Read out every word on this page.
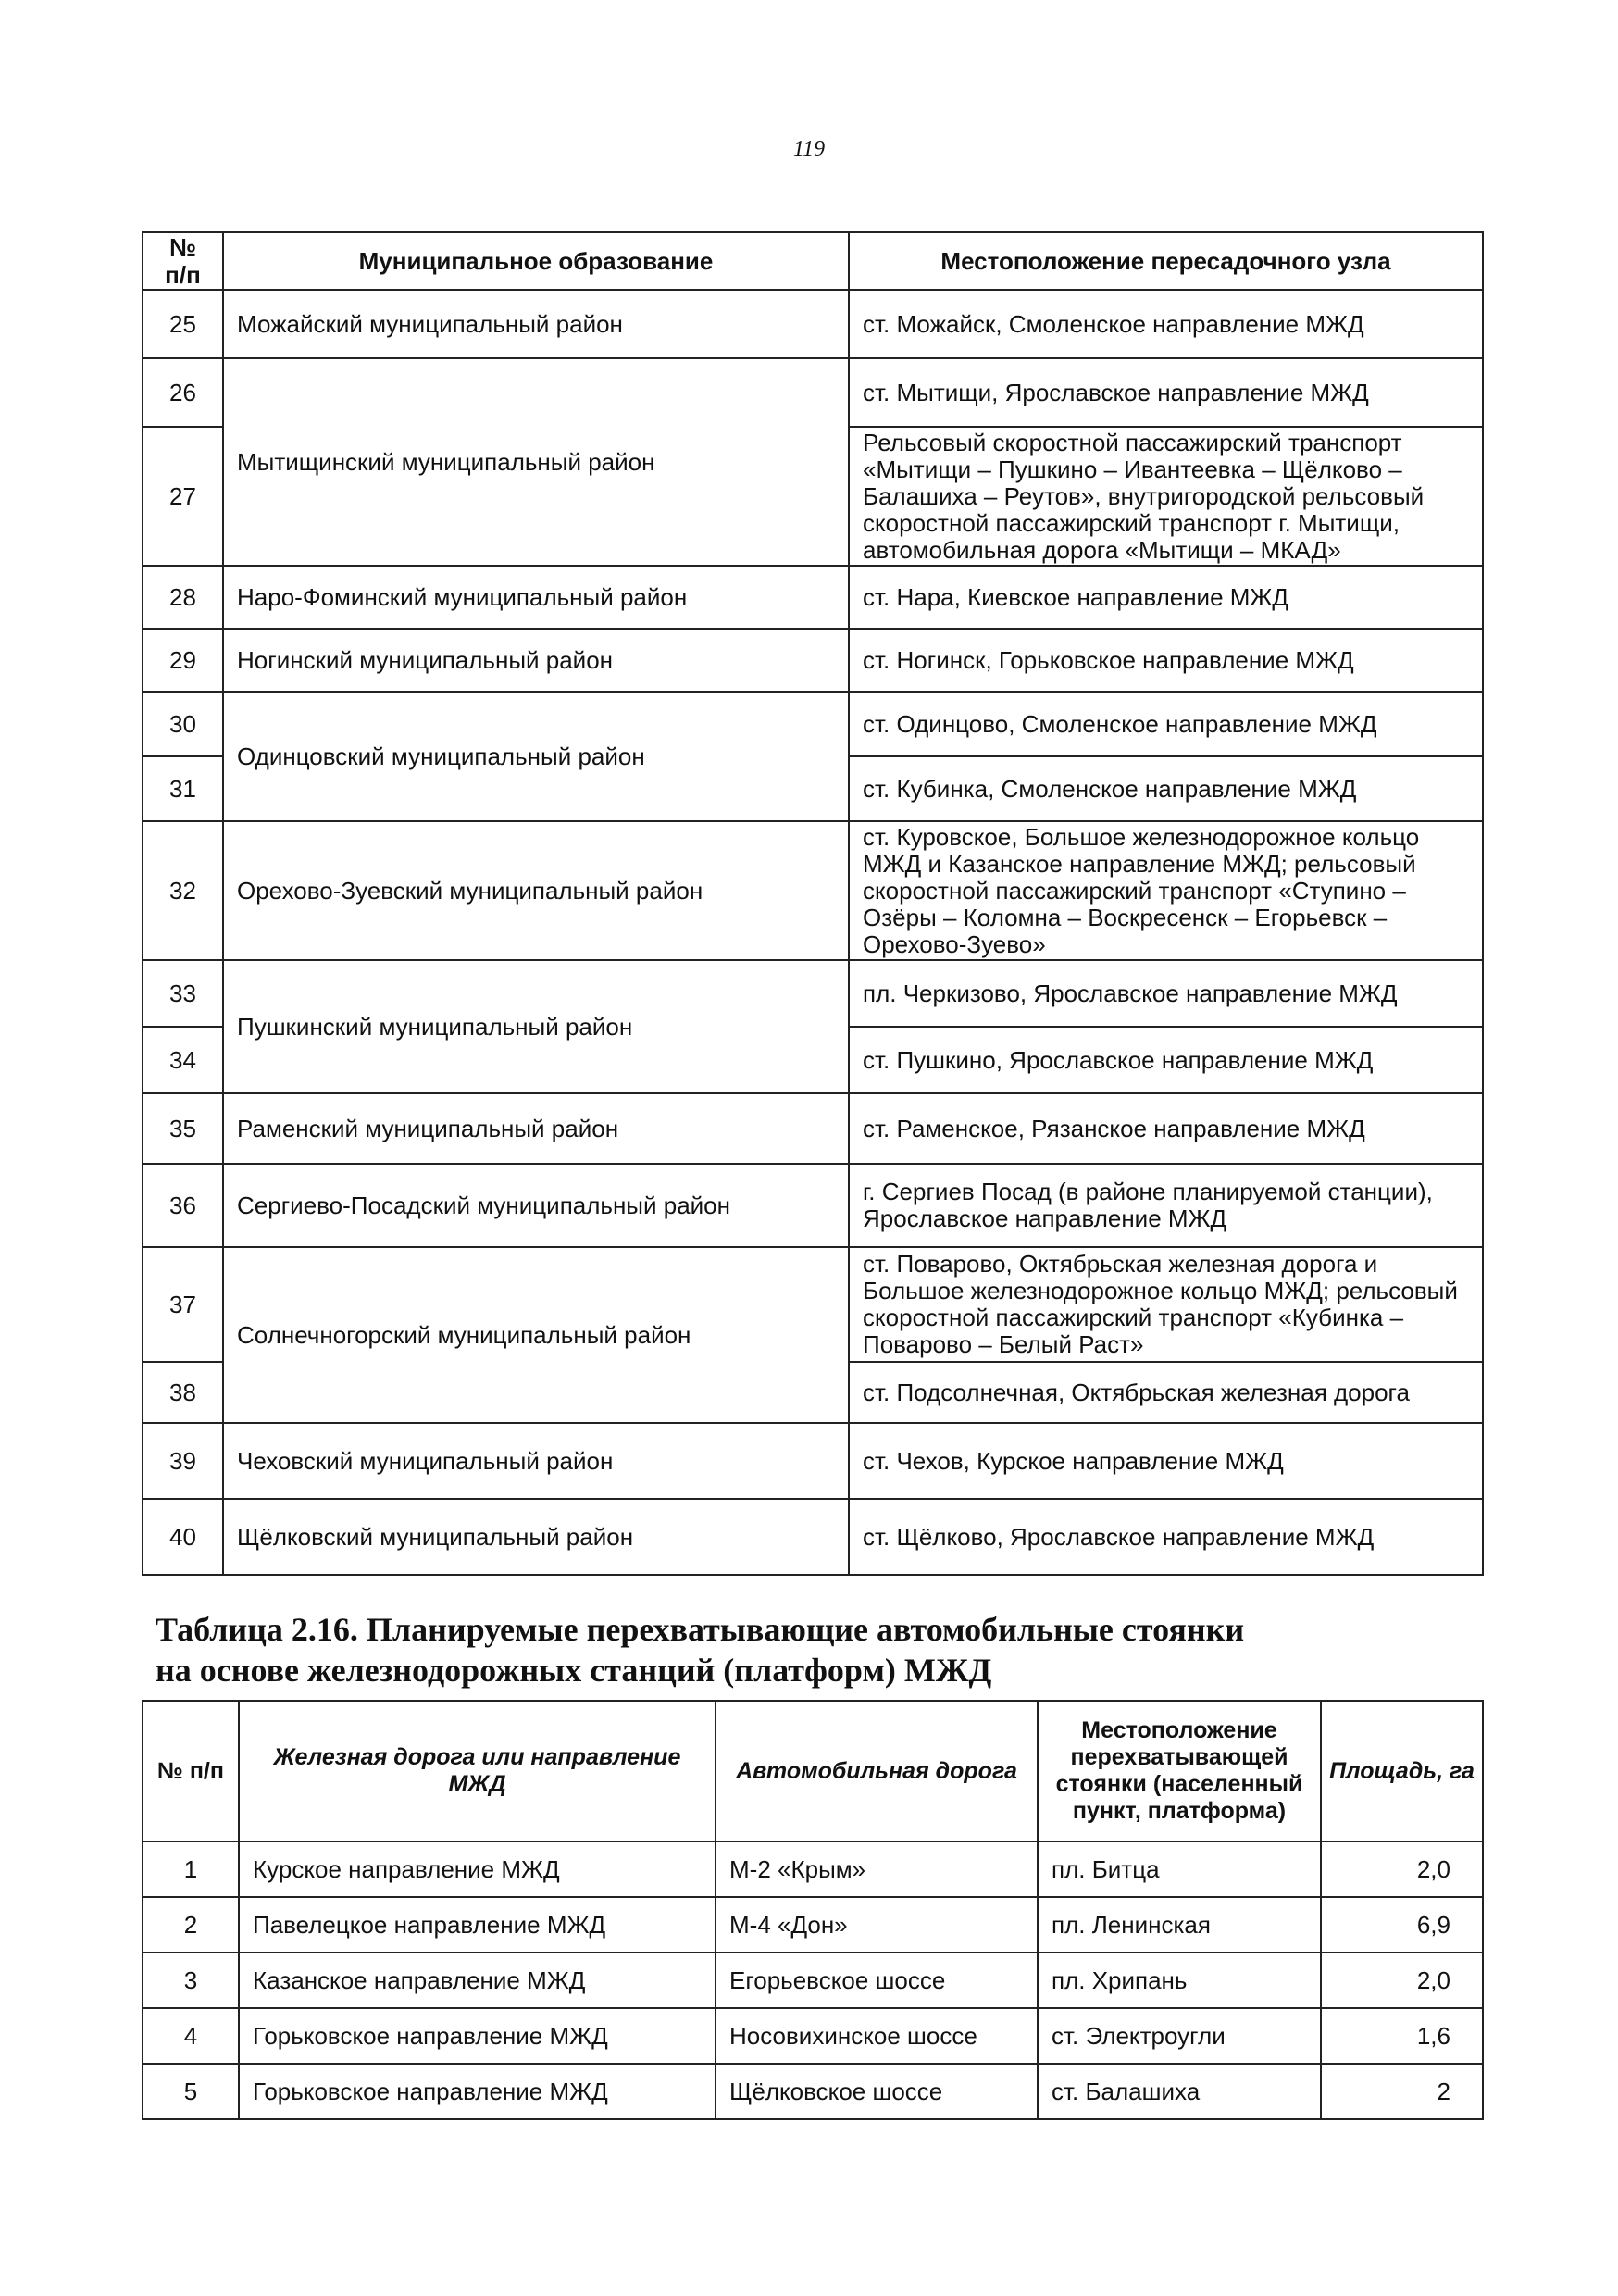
119
№ п/п	Муниципальное образование	Местоположение пересадочного узла
25	Можайский муниципальный район	ст. Можайск, Смоленское направление МЖД
26	Мытищинский муниципальный район	ст. Мытищи, Ярославское направление МЖД
27		Рельсовый скоростной пассажирский транспорт «Мытищи – Пушкино – Ивантеевка – Щёлково – Балашиха – Реутов», внутригородской рельсовый скоростной пассажирский транспорт г. Мытищи, автомобильная дорога «Мытищи – МКАД»
28	Наро-Фоминский муниципальный район	ст. Нара, Киевское направление МЖД
29	Ногинский муниципальный район	ст. Ногинск, Горьковское направление МЖД
30	Одинцовский муниципальный район	ст. Одинцово, Смоленское направление МЖД
31		ст. Кубинка, Смоленское направление МЖД
32	Орехово-Зуевский муниципальный район	ст. Куровское, Большое железнодорожное кольцо МЖД и Казанское направление МЖД; рельсовый скоростной пассажирский транспорт «Ступино – Озёры – Коломна – Воскресенск – Егорьевск – Орехово-Зуево»
33	Пушкинский муниципальный район	пл. Черкизово, Ярославское направление МЖД
34		ст. Пушкино, Ярославское направление МЖД
35	Раменский муниципальный район	ст. Раменское, Рязанское направление МЖД
36	Сергиево-Посадский муниципальный район	г. Сергиев Посад (в районе планируемой станции), Ярославское направление МЖД
37	Солнечногорский муниципальный район	ст. Поварово, Октябрьская железная дорога и Большое железнодорожное кольцо МЖД; рельсовый скоростной пассажирский транспорт «Кубинка – Поварово – Белый Раст»
38		ст. Подсолнечная, Октябрьская железная дорога
39	Чеховский муниципальный район	ст. Чехов, Курское направление МЖД
40	Щёлковский муниципальный район	ст. Щёлково, Ярославское направление МЖД
Таблица 2.16. Планируемые перехватывающие автомобильные стоянки
на основе железнодорожных станций (платформ) МЖД
№ п/п	Железная дорога или направление МЖД	Автомобильная дорога	Местоположение перехватывающей стоянки (населенный пункт, платформа)	Площадь, га
1	Курское направление МЖД	М-2 «Крым»	пл. Битца	2,0
2	Павелецкое направление МЖД	М-4 «Дон»	пл. Ленинская	6,9
3	Казанское направление МЖД	Егорьевское шоссе	пл. Хрипань	2,0
4	Горьковское направление МЖД	Носовихинское шоссе	ст. Электроугли	1,6
5	Горьковское направление МЖД	Щёлковское шоссе	ст. Балашиха	2
